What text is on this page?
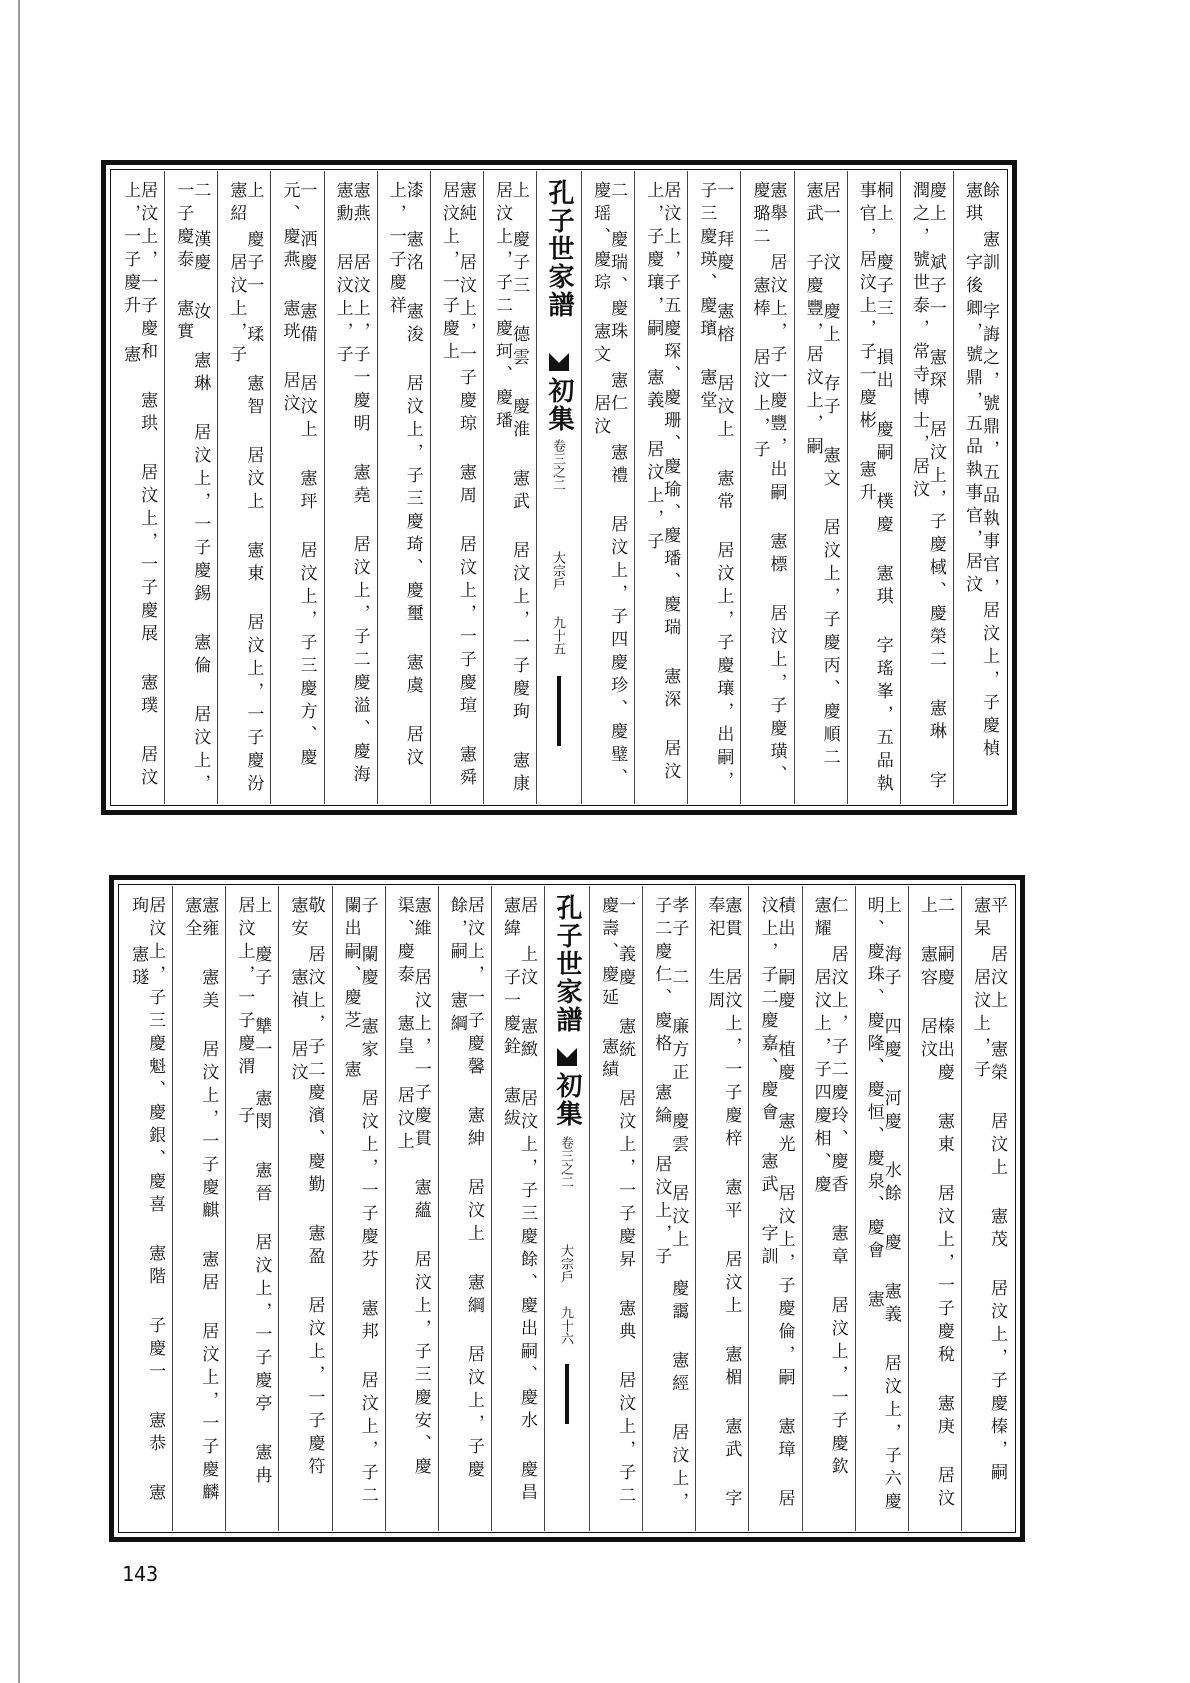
餘 憲訓 字誨之，號鼎，五品執事官，居汶上，子慶楨 憲琪 字後卿，號鼎，五品執事官，居汶
慶上 斌子一 憲琛 居汶上，子慶棫、慶榮二 憲琳 字潤之，號世泰，常寺博士，居汶
桐上 慶子三 損出 慶嗣 樸慶 憲琪 字瑤峯，五品執事官，居汶上，子一慶彬 憲升
居一 汶 慶上 存子 憲文 居汶上，子慶丙、慶順二 憲武 子慶豐，居汶上，嗣
憲舉 居汶上，子一慶豐，出嗣 憲標 居汶上，子慶璜、慶璐二 憲棒 居汶上，子
一 拜慶 憲榕 居汶上 憲常 居汶上，子慶瓖，出嗣，子三慶瑛、慶璸 憲堂
居汶上，子五慶琛、慶珊、慶瑜、慶璠、慶瑞 憲深 居汶上，子慶瓖，嗣 憲義 居汶上，子
二 慶瑞、慶珠 憲仁 憲禮 居汶上，子四慶珍、慶璧、慶瑶、慶琮 憲文 居汶
孔子世家譜
初集
卷三之二
大宗戶
九十五
上 慶子三 德雲 慶淮 憲武 居汶上，一子慶珣 憲康 居汶上，子二慶珂、慶璠
憲純 居汶上，一子慶琼 憲周 居汶上，一子慶瑄 憲舜 居汶上，一子慶上
漆 憲洺 憲浚 居汶上，子三慶琦、慶璽 憲虞 居汶上，一子慶祥
憲燕 居汶上，子一慶明 憲堯 居汶上，子二慶溢、慶海 憲勳 居汶上，子
一 洒慶 憲備 居汶上 憲玶 居汶上，子三慶方、慶元、慶燕 憲珖 居汶
上 慶子一 瑈 憲智 居汶上 憲東 居汶上，一子慶汾 憲紹 居汶上，子
二 漢慶 汝 憲琳 居汶上，一子慶錫 憲倫 居汶上，一子慶泰 憲實
居汶上，一子慶和 憲珙 居汶上，一子慶展 憲璞 居汶上，一子慶升 憲
平 居汶上 憲榮 居汶上 憲茂 居汶上，子慶榛，嗣 憲杲 居汶上，子
二 嗣慶 榛出慶 憲東 居汶上，一子慶稅 憲庚 居汶上 憲容 居汶
上 海子 四慶 河慶 水餘 慶 憲義 居汶上，子六慶明、慶珠、慶隆、慶恒、慶泉、慶會 憲
仁 居汶上，子二慶玲、慶香 憲章 居汶上，一子慶欽 憲耀 居汶上，子四慶相、慶
積出 嗣慶 植慶 憲光 居汶上，子慶倫，嗣 憲璋 居汶上，子二慶嘉、慶會 憲武 字訓
憲貫 居汶上，一子慶梓 憲平 居汶上 憲楣 憲武 字奉祀 生周
孝子 二 廉方正 慶雲 居汶上 慶靄 憲經 居汶上，子二慶仁、慶格 憲綸 居汶上，子
一 義慶 憲統 居汶上，一子慶昇 憲典 居汶上，子二慶壽、慶延 憲績
孔子世家譜
初集
卷三之二
大宗戶
九十六
居 上汶 憲緻 居汶上，子三慶餘、慶出嗣、慶水 慶昌 憲緯 子一慶銓 憲紱
居汶上，一子慶馨 憲紳 居汶上 憲綱 居汶上，子慶餘，嗣 憲綱
憲維 居汶上，一子慶貫 憲蘊 居汶上，子三慶安、慶渠、慶泰 憲皇 居汶上
子 闌慶 憲家 居汶上，一子慶芬 憲邦 居汶上，子二闌出嗣、慶芝 憲
敬 居汶上，子二慶濱、慶勤 憲盈 居汶上，一子慶符 憲安 憲禎 居汶
上 慶子 犨一 憲閔 憲晉 居汶上，一子慶亭 憲冉 居汶上，一子慶渭 子
憲雍 憲美 居汶上，一子慶麒 憲居 居汶上，一子慶麟 憲全
居汶上，子三慶魁、慶銀、慶喜 憲階 子慶一 憲恭 憲珣 憲璲
143
